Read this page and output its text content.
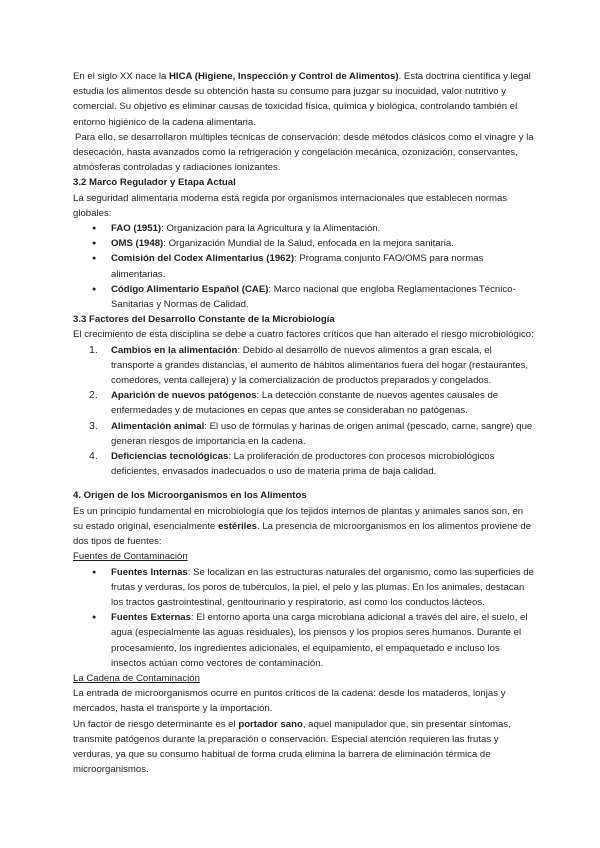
En el siglo XX nace la HICA (Higiene, Inspección y Control de Alimentos). Esta doctrina científica y legal estudia los alimentos desde su obtención hasta su consumo para juzgar su inocuidad, valor nutritivo y comercial. Su objetivo es eliminar causas de toxicidad física, química y biológica, controlando también el entorno higiénico de la cadena alimentaria.

Para ello, se desarrollaron múltiples técnicas de conservación: desde métodos clásicos como el vinagre y la desecación, hasta avanzados como la refrigeración y congelación mecánica, ozonización, conservantes, atmósferas controladas y radiaciones ionizantes.

3.2 Marco Regulador y Etapa Actual

La seguridad alimentaria moderna está regida por organismos internacionales que establecen normas globales:

● FAO (1951): Organización para la Agricultura y la Alimentación.
● OMS (1948): Organización Mundial de la Salud, enfocada en la mejora sanitaria.
● Comisión del Codex Alimentarius (1962): Programa conjunto FAO/OMS para normas alimentarias.
● Código Alimentario Español (CAE): Marco nacional que engloba Reglamentaciones Técnico-Sanitarias y Normas de Calidad.
3.3 Factores del Desarrollo Constante de la Microbiología

El crecimiento de esta disciplina se debe a cuatro factores críticos que han alterado el riesgo microbiológico:

1. Cambios en la alimentación: Debido al desarrollo de nuevos alimentos a gran escala, el transporte a grandes distancias, el aumento de hábitos alimentarios fuera del hogar (restaurantes, comedores, venta callejera) y la comercialización de productos preparados y congelados.
2. Aparición de nuevos patógenos: La detección constante de nuevos agentes causales de enfermedades y de mutaciones en cepas que antes se consideraban no patógenas.
3. Alimentación animal: El uso de fórmulas y harinas de origen animal (pescado, carne, sangre) que generan riesgos de importancia en la cadena.
4. Deficiencias tecnológicas: La proliferación de productores con procesos microbiológicos deficientes, envasados inadecuados o uso de materia prima de baja calidad.
4. Origen de los Microorganismos en los Alimentos

Es un principio fundamental en microbiología que los tejidos internos de plantas y animales sanos son, en su estado original, esencialmente estériles. La presencia de microorganismos en los alimentos proviene de dos tipos de fuentes:

Fuentes de Contaminación

● Fuentes Internas: Se localizan en las estructuras naturales del organismo, como las superficies de frutas y verduras, los poros de tubérculos, la piel, el pelo y las plumas. En los animales, destacan los tractos gastrointestinal, genitourinario y respiratorio, así como los conductos lácteos.
● Fuentes Externas: El entorno aporta una carga microbiana adicional a través del aire, el suelo, el agua (especialmente las aguas residuales), los piensos y los propios seres humanos. Durante el procesamiento, los ingredientes adicionales, el equipamiento, el empaquetado e incluso los insectos actúan como vectores de contaminación.

La Cadena de Contaminación

La entrada de microorganismos ocurre en puntos críticos de la cadena: desde los mataderos, lonjas y mercados, hasta el transporte y la importación.

Un factor de riesgo determinante es el portador sano, aquel manipulador que, sin presentar síntomas, transmite patógenos durante la preparación o conservación. Especial atención requieren las frutas y verduras, ya que su consumo habitual de forma cruda elimina la barrera de eliminación térmica de microorganismos.
